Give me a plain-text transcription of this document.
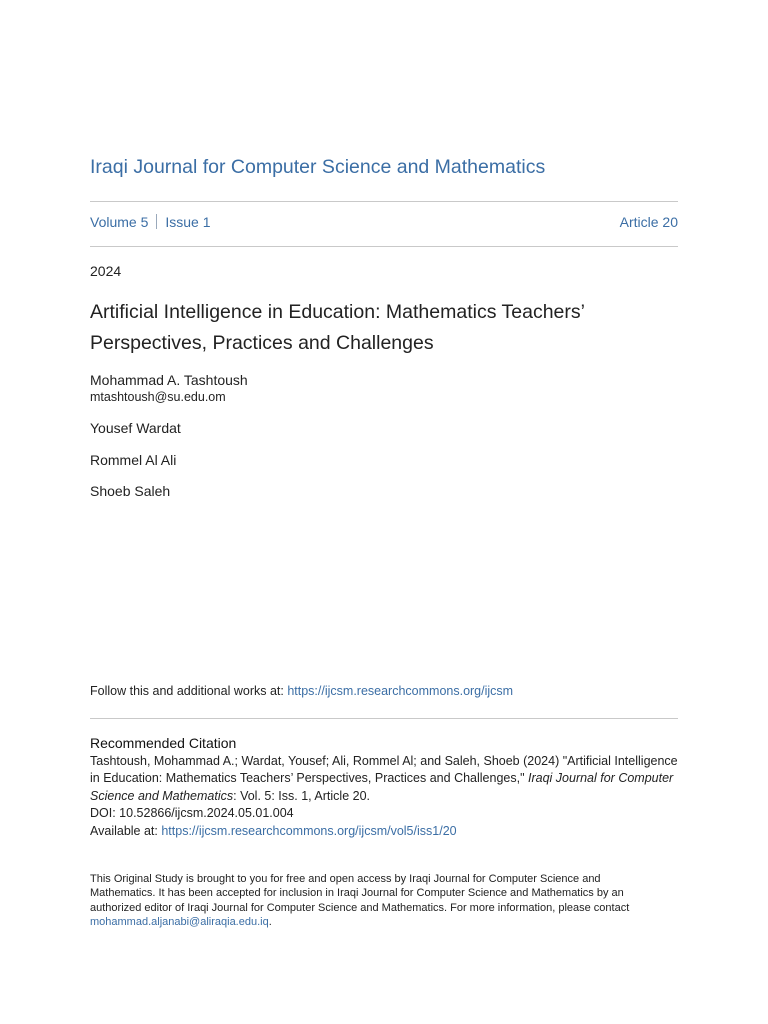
Iraqi Journal for Computer Science and Mathematics
Volume 5 Issue 1	Article 20
2024
Artificial Intelligence in Education: Mathematics Teachers’
Perspectives, Practices and Challenges
Mohammad A. Tashtoush
mtashtoush@su.edu.om
Yousef Wardat
Rommel Al Ali
Shoeb Saleh
Follow this and additional works at: https://ijcsm.researchcommons.org/ijcsm
Recommended Citation
Tashtoush, Mohammad A.; Wardat, Yousef; Ali, Rommel Al; and Saleh, Shoeb (2024) "Artificial Intelligence
in Education: Mathematics Teachers’ Perspectives, Practices and Challenges," Iraqi Journal for Computer
Science and Mathematics: Vol. 5: Iss. 1, Article 20.
DOI: 10.52866/ijcsm.2024.05.01.004
Available at: https://ijcsm.researchcommons.org/ijcsm/vol5/iss1/20
This Original Study is brought to you for free and open access by Iraqi Journal for Computer Science and
Mathematics. It has been accepted for inclusion in Iraqi Journal for Computer Science and Mathematics by an
authorized editor of Iraqi Journal for Computer Science and Mathematics. For more information, please contact
mohammad.aljanabi@aliraqia.edu.iq.
